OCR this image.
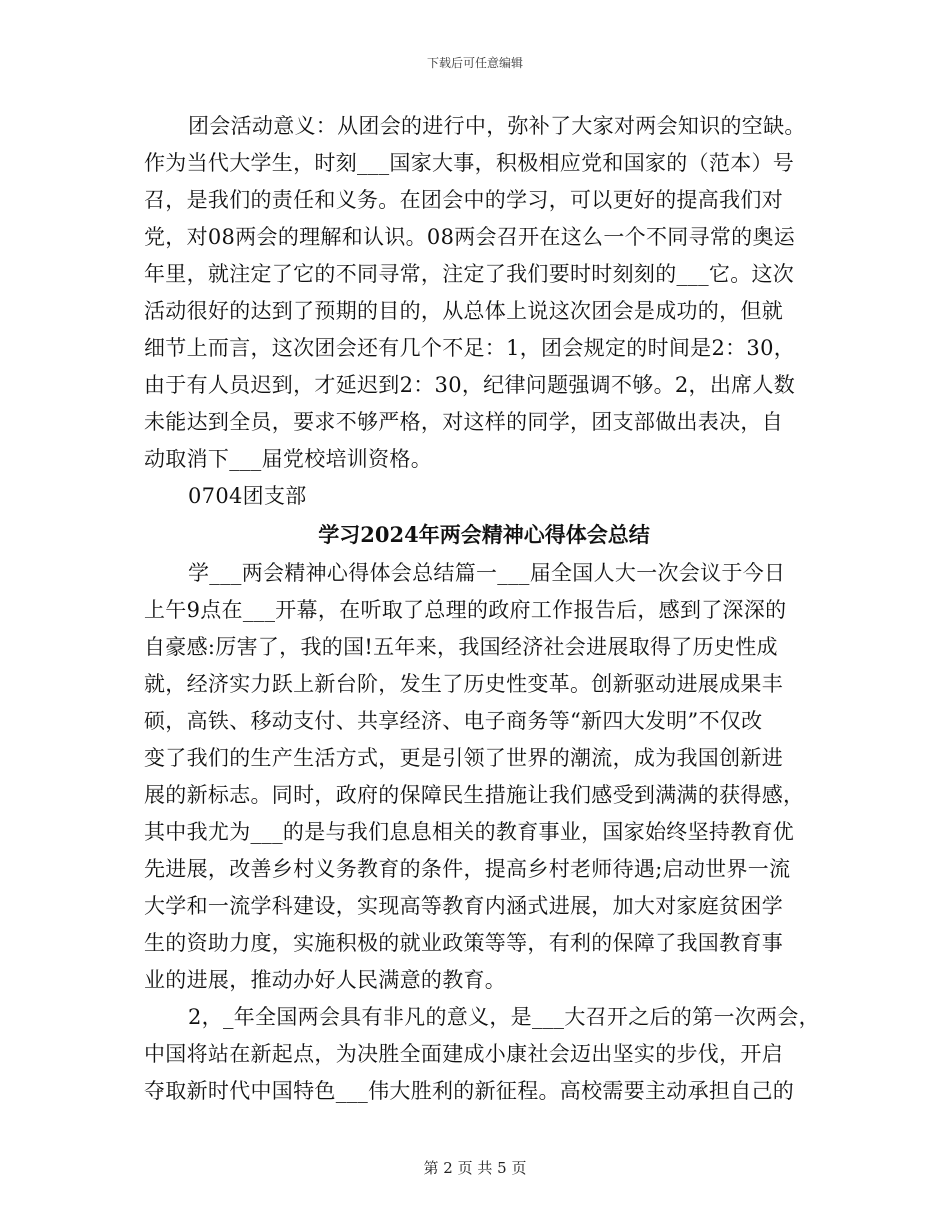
下载后可任意编辑
团会活动意义：从团会的进行中，弥补了大家对两会知识的空缺。
作为当代大学生，时刻___国家大事，积极相应党和国家的（范本）号
召，是我们的责任和义务。在团会中的学习，可以更好的提高我们对
党，对08两会的理解和认识。08两会召开在这么一个不同寻常的奥运
年里，就注定了它的不同寻常，注定了我们要时时刻刻的___它。这次
活动很好的达到了预期的目的，从总体上说这次团会是成功的，但就
细节上而言，这次团会还有几个不足：1，团会规定的时间是2：30，
由于有人员迟到，才延迟到2：30，纪律问题强调不够。2，出席人数
未能达到全员，要求不够严格，对这样的同学，团支部做出表决，自
动取消下___届党校培训资格。
0704团支部
学习2024年两会精神心得体会总结
学___两会精神心得体会总结篇一___届全国人大一次会议于今日
上午9点在___开幕，在听取了总理的政府工作报告后，感到了深深的
自豪感:厉害了，我的国!五年来，我国经济社会进展取得了历史性成
就，经济实力跃上新台阶，发生了历史性变革。创新驱动进展成果丰
硕，高铁、移动支付、共享经济、电子商务等“新四大发明”不仅改
变了我们的生产生活方式，更是引领了世界的潮流，成为我国创新进
展的新标志。同时，政府的保障民生措施让我们感受到满满的获得感，
其中我尤为___的是与我们息息相关的教育事业，国家始终坚持教育优
先进展，改善乡村义务教育的条件，提高乡村老师待遇;启动世界一流
大学和一流学科建设，实现高等教育内涵式进展，加大对家庭贫困学
生的资助力度，实施积极的就业政策等等，有利的保障了我国教育事
业的进展，推动办好人民满意的教育。
2，_年全国两会具有非凡的意义，是___大召开之后的第一次两会，
中国将站在新起点，为决胜全面建成小康社会迈出坚实的步伐，开启
夺取新时代中国特色___伟大胜利的新征程。高校需要主动承担自己的
第 2 页 共 5 页
